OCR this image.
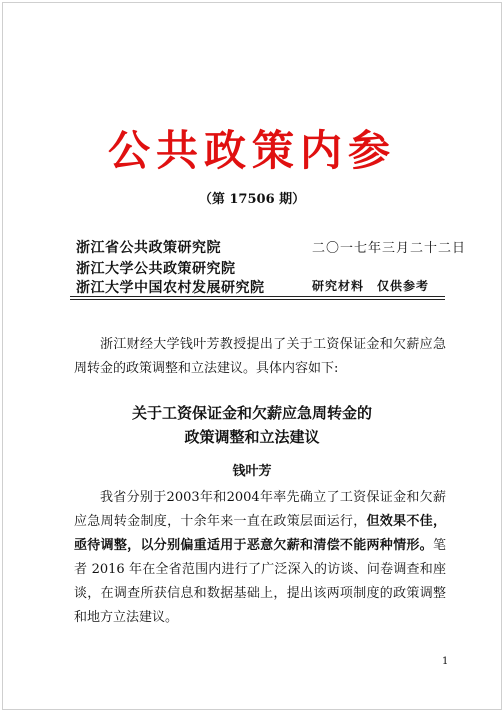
公共政策内参
（第 17506 期）
浙江省公共政策研究院
浙江大学公共政策研究院
浙江大学中国农村发展研究院
二〇一七年三月二十二日
研究材料　仅供参考
浙江财经大学钱叶芳教授提出了关于工资保证金和欠薪应急周转金的政策调整和立法建议。具体内容如下:
关于工资保证金和欠薪应急周转金的
政策调整和立法建议
钱叶芳
我省分别于2003年和2004年率先确立了工资保证金和欠薪应急周转金制度，十余年来一直在政策层面运行，但效果不佳，亟待调整，以分别偏重适用于恶意欠薪和清偿不能两种情形。笔者 2016 年在全省范围内进行了广泛深入的访谈、问卷调查和座谈，在调查所获信息和数据基础上，提出该两项制度的政策调整和地方立法建议。
1
